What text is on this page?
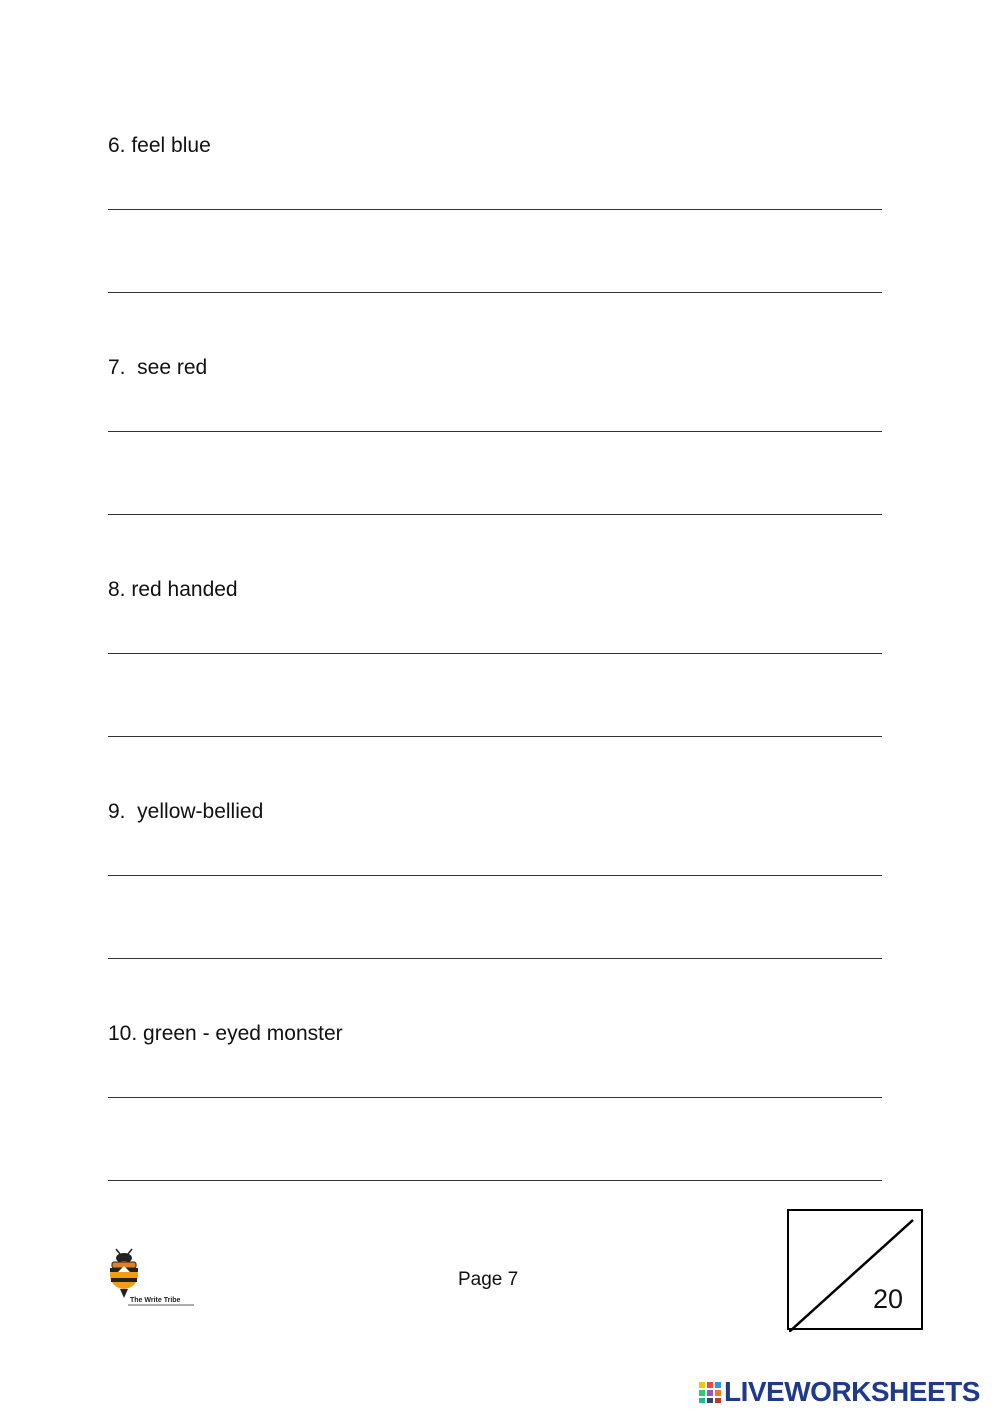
6. feel blue
7.  see red
8. red handed
9.  yellow-bellied
10. green - eyed monster
The Write Tribe
Page 7
20
LIVEWORKSHEETS
